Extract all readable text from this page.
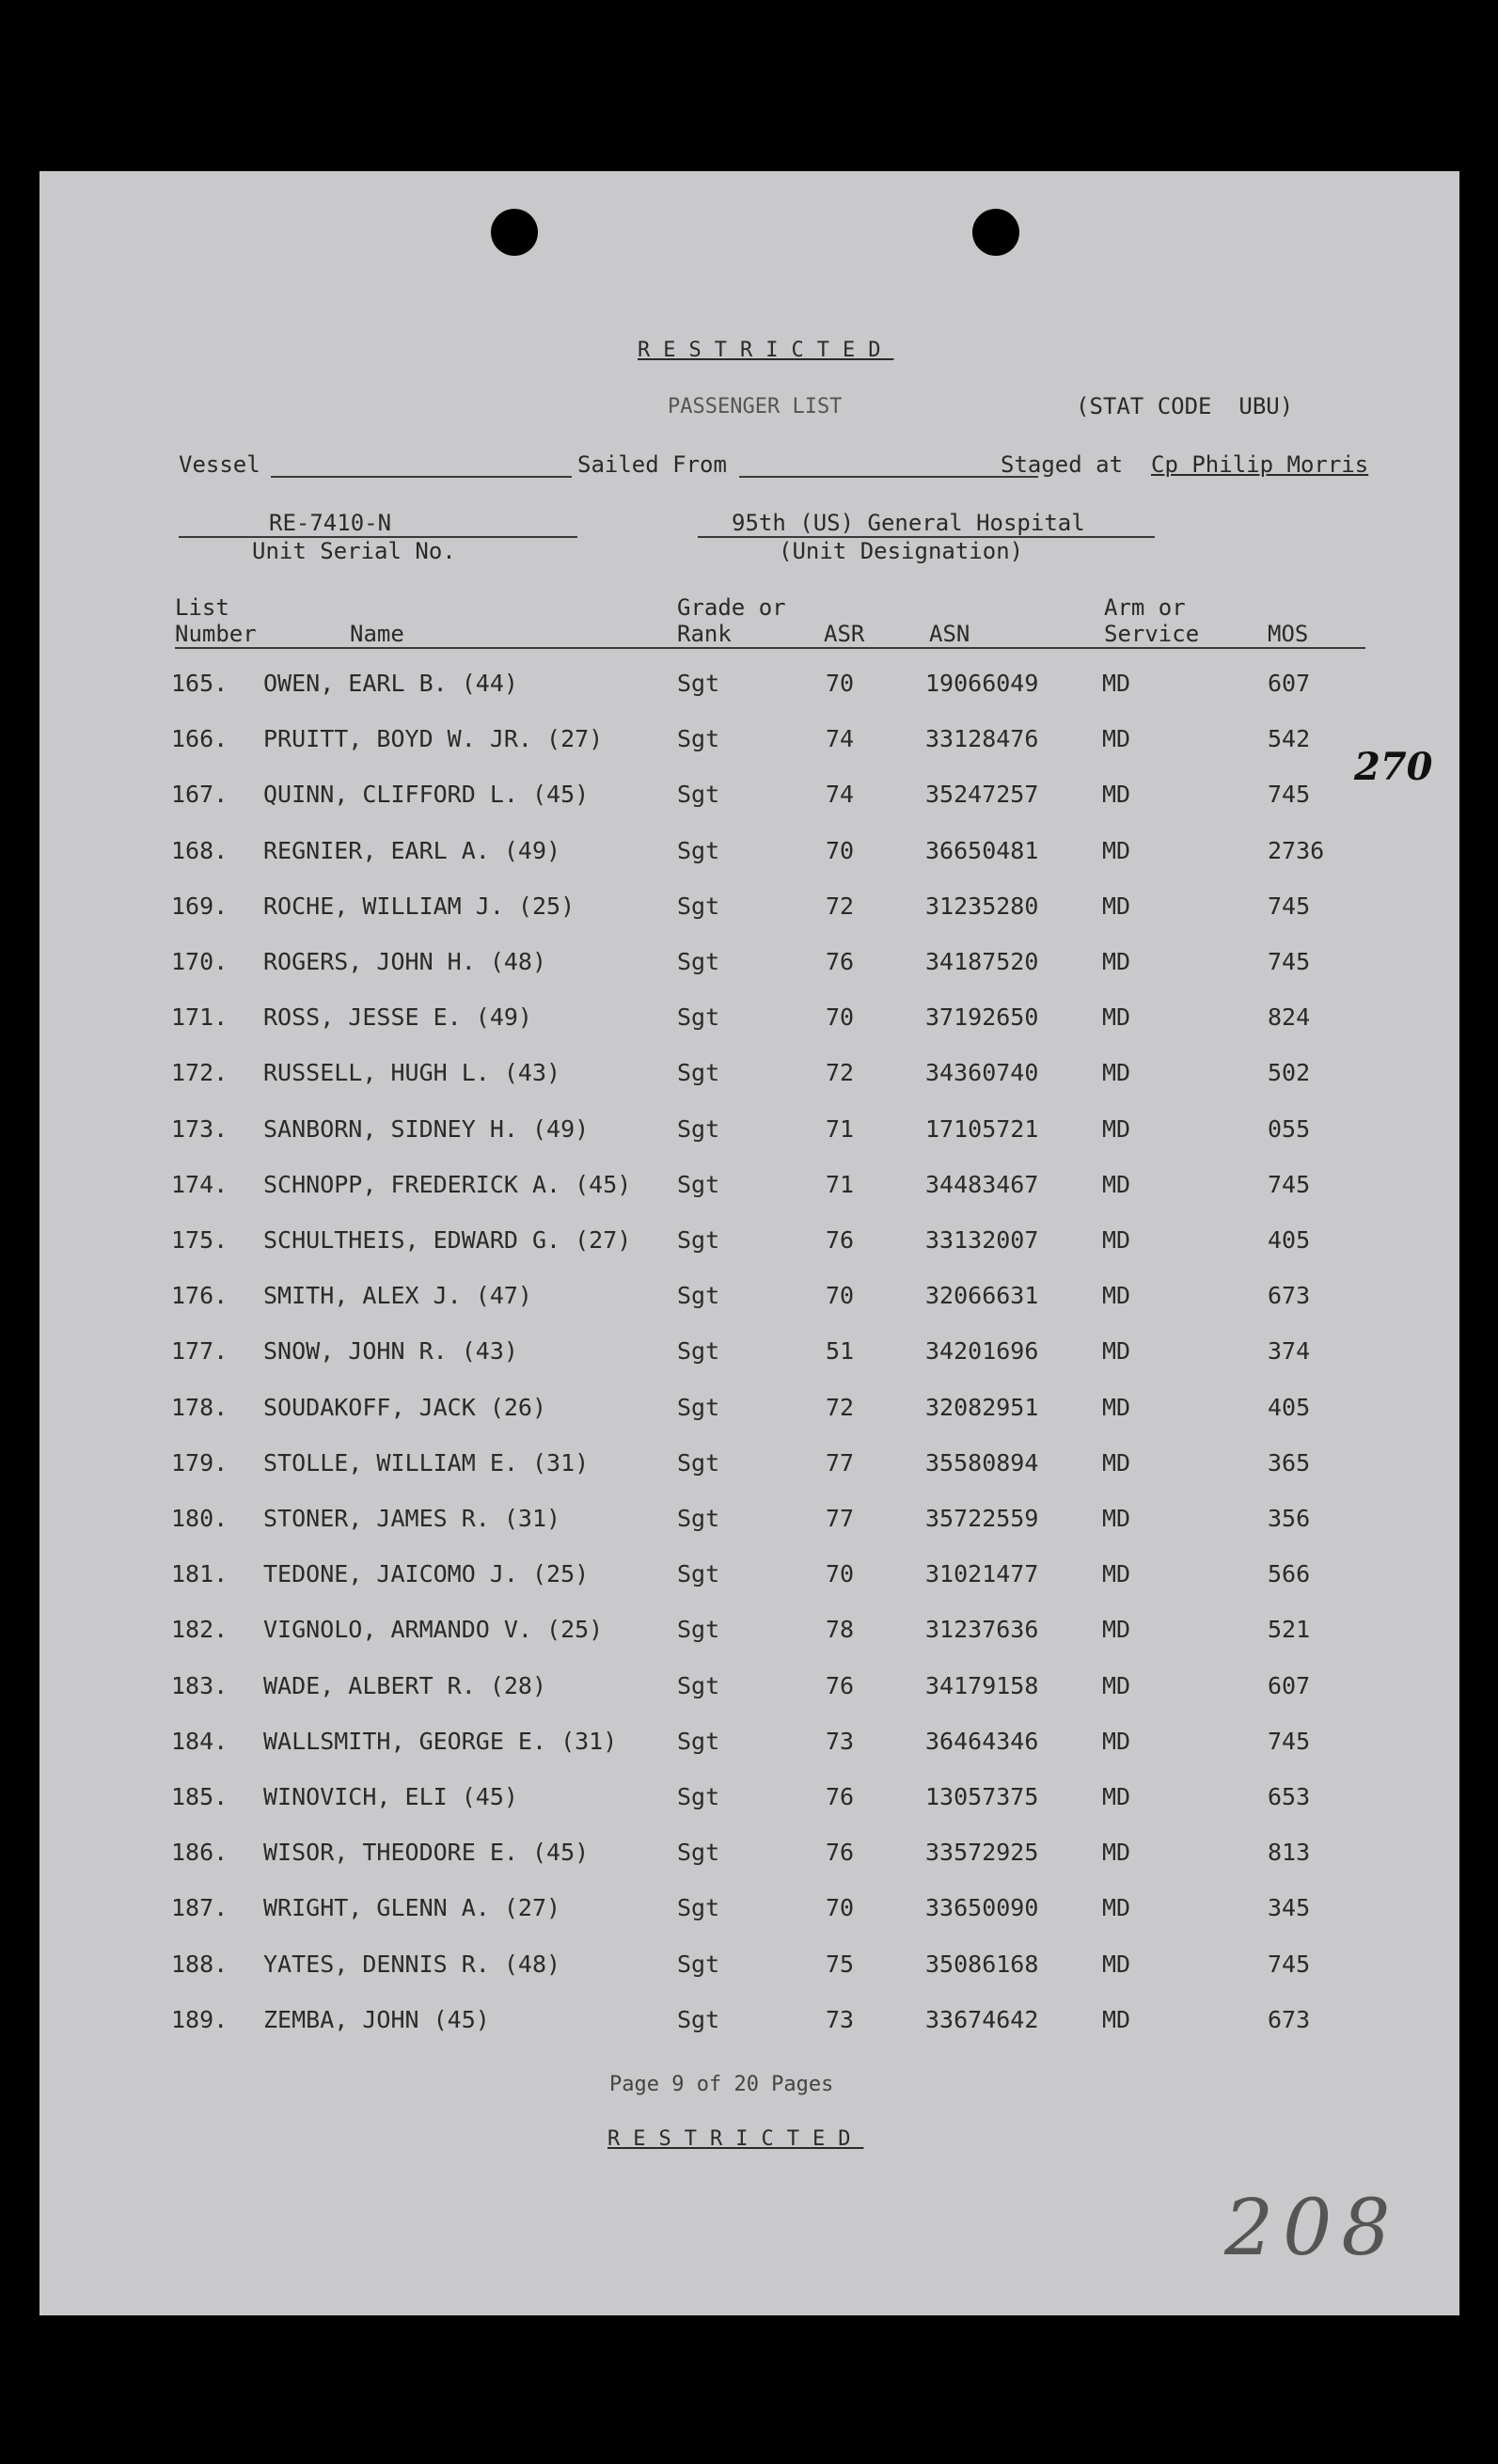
RESTRICTED
PASSENGER LIST	(STAT CODE  UBU)
Vessel	Sailed From	Staged at Cp Philip Morris
RE-7410-N
Unit Serial No.
95th (US) General Hospital
(Unit Designation)
List
Number	Name
Grade or
Rank	ASR	ASN
Arm or
Service	MOS
165. OWEN, EARL B. (44)	Sgt	70	19066049	MD	607
166. PRUITT, BOYD W. JR. (27)	Sgt	74	33128476	MD	542
167. QUINN, CLIFFORD L. (45)	Sgt	74	35247257	MD	745
168. REGNIER, EARL A. (49)	Sgt	70	36650481	MD	2736
169. ROCHE, WILLIAM J. (25)	Sgt	72	31235280	MD	745
170. ROGERS, JOHN H. (48)	Sgt	76	34187520	MD	745
171. ROSS, JESSE E. (49)	Sgt	70	37192650	MD	824
172. RUSSELL, HUGH L. (43)	Sgt	72	34360740	MD	502
173. SANBORN, SIDNEY H. (49)	Sgt	71	17105721	MD	055
174. SCHNOPP, FREDERICK A. (45) Sgt	71	34483467	MD	745
175. SCHULTHEIS, EDWARD G. (27) Sgt	76	33132007	MD	405
176. SMITH, ALEX J. (47)	Sgt	70	32066631	MD	673
177. SNOW, JOHN R. (43)	Sgt	51	34201696	MD	374
178. SOUDAKOFF, JACK (26)	Sgt	72	32082951	MD	405
179. STOLLE, WILLIAM E. (31)	Sgt	77	35580894	MD	365
180. STONER, JAMES R. (31)	Sgt	77	35722559	MD	356
181. TEDONE, JAICOMO J. (25)	Sgt	70	31021477	MD	566
182. VIGNOLO, ARMANDO V. (25)	Sgt	78	31237636	MD	521
183. WADE, ALBERT R. (28)	Sgt	76	34179158	MD	607
184. WALLSMITH, GEORGE E. (31)	Sgt	73	36464346	MD	745
185. WINOVICH, ELI (45)	Sgt	76	13057375	MD	653
186. WISOR, THEODORE E. (45)	Sgt	76	33572925	MD	813
187. WRIGHT, GLENN A. (27)	Sgt	70	33650090	MD	345
188. YATES, DENNIS R. (48)	Sgt	75	35086168	MD	745
189. ZEMBA, JOHN (45)	Sgt	73	33674642	MD	673
270
Page 9 of 20 Pages
RESTRICTED
208
